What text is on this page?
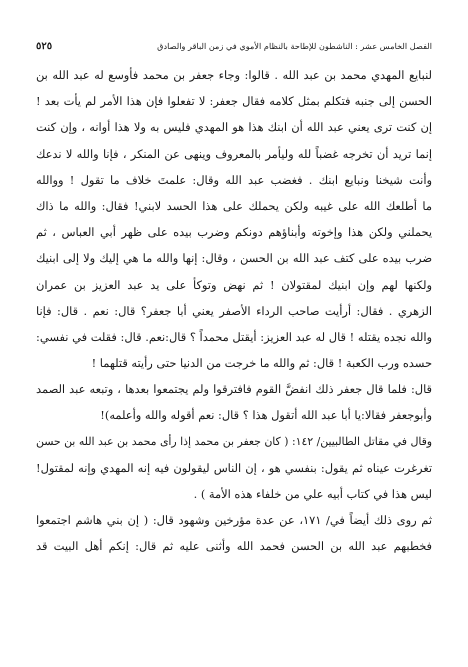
الفصل الخامس عشر : الناشطون للإطاحة بالنظام الأموي في زمن الباقر والصادق
٥٢٥
لنبايع المهدي محمد بن عبد الله . قالوا: وجاء جعفر بن محمد فأوسع له عبد الله بن
الحسن إلى جنبه فتكلم بمثل كلامه فقال جعفر: لا تفعلوا فإن هذا الأمر لم يأت بعد !
إن كنت ترى يعني عبد الله أن ابنك هذا هو المهدي فليس به ولا هذا أوانه ، وإن كنت
إنما تريد أن تخرجه غضباً لله وليأمر بالمعروف وينهى عن المنكر ، فإنا والله لا ندعك
وأنت شيخنا ونبايع ابنك . فغضب عبد الله وقال: علمتَ خلاف ما تقول ! ووالله
ما أطلعك الله على غيبه ولكن يحملك على هذا الحسد لابني! فقال: والله ما ذاك
يحملني ولكن هذا وإخوته وأبناؤهم دونكم وضرب بيده على ظهر أبي العباس ، ثم
ضرب بيده على كتف عبد الله بن الحسن ، وقال: إنها والله ما هي إليك ولا إلى ابنيك
ولكنها لهم وإن ابنيك لمقتولان ! ثم نهض وتوكأ على يد عبد العزيز بن عمران
الزهري . فقال: أرأيت صاحب الرداء الأصفر يعني أبا جعفر؟ قال: نعم . قال: فإنا
والله نجده يقتله ! قال له عبد العزيز: أيقتل محمداً ؟ قال:نعم. قال: فقلت في نفسي:
حسده ورب الكعبة ! قال: ثم والله ما خرجت من الدنيا حتى رأيته قتلهما !
قال: فلما قال جعفر ذلك انفضَّ القوم فافترقوا ولم يجتمعوا بعدها ، وتبعه عبد الصمد
وأبوجعفر فقالا:يا أبا عبد الله أتقول هذا ؟ قال: نعم أقوله والله وأعلمه)!
وقال في مقاتل الطالبيين/ ١٤٢: ( كان جعفر بن محمد إذا رأى محمد بن عبد الله بن حسن
تغرغرت عيناه ثم يقول: بنفسي هو ، إن الناس ليقولون فيه إنه المهدي وإنه لمقتول!
ليس هذا في كتاب أبيه علي من خلفاء هذه الأمة ) .
ثم روى ذلك أيضاً في/ ١٧١، عن عدة مؤرخين وشهود قال: ( إن بني هاشم اجتمعوا
فخطبهم عبد الله بن الحسن فحمد الله وأثنى عليه ثم قال: إنكم أهل البيت قد
